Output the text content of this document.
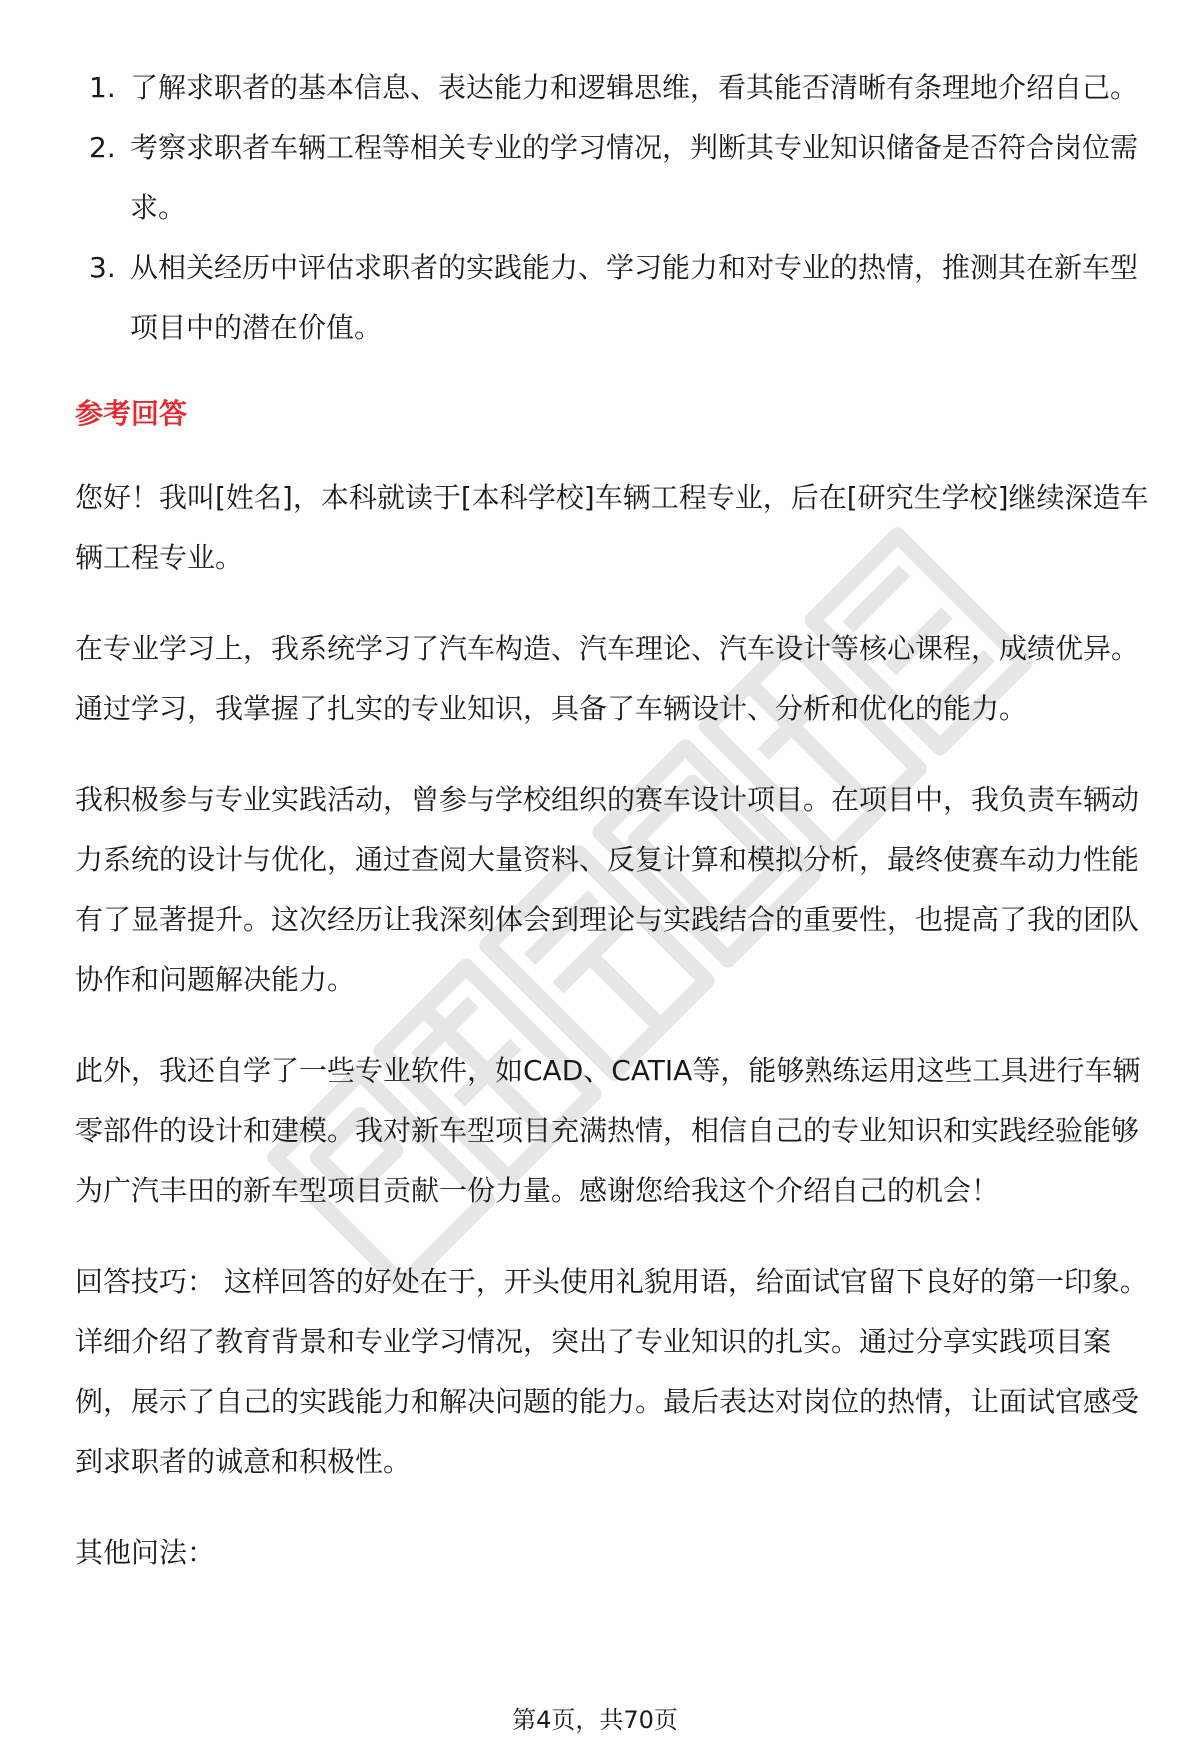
1. 了解求职者的基本信息、表达能力和逻辑思维，看其能否清晰有条理地介绍自己。
2. 考察求职者车辆工程等相关专业的学习情况，判断其专业知识储备是否符合岗位需求。
3. 从相关经历中评估求职者的实践能力、学习能力和对专业的热情，推测其在新车型项目中的潜在价值。
参考回答

您好！我叫[姓名]，本科就读于[本科学校]车辆工程专业，后在[研究生学校]继续深造车辆工程专业。

在专业学习上，我系统学习了汽车构造、汽车理论、汽车设计等核心课程，成绩优异。通过学习，我掌握了扎实的专业知识，具备了车辆设计、分析和优化的能力。

我积极参与专业实践活动，曾参与学校组织的赛车设计项目。在项目中，我负责车辆动力系统的设计与优化，通过查阅大量资料、反复计算和模拟分析，最终使赛车动力性能有了显著提升。这次经历让我深刻体会到理论与实践结合的重要性，也提高了我的团队协作和问题解决能力。

此外，我还自学了一些专业软件，如CAD、CATIA等，能够熟练运用这些工具进行车辆零部件的设计和建模。我对新车型项目充满热情，相信自己的专业知识和实践经验能够为广汽丰田的新车型项目贡献一份力量。感谢您给我这个介绍自己的机会！

回答技巧： 这样回答的好处在于，开头使用礼貌用语，给面试官留下良好的第一印象。详细介绍了教育背景和专业学习情况，突出了专业知识的扎实。通过分享实践项目案例，展示了自己的实践能力和解决问题的能力。最后表达对岗位的热情，让面试官感受到求职者的诚意和积极性。

其他问法：

第4页，共70页
